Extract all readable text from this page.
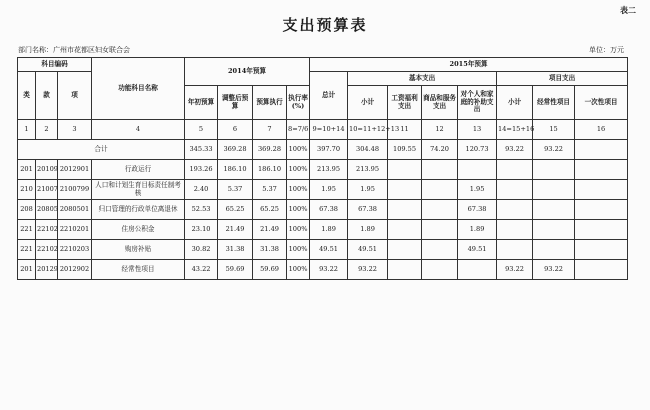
表二
支出预算表
部门名称：广州市花都区妇女联合会	单位：万元
科目编码			功能科目名称	2014年预算				2015年预算							
类	款	项						总计	基本支出				项目支出		
				年初预算	调整后预算	预算执行	执行率(%)		小计	工资福利支出	商品和服务支出	对个人和家庭的补助支出	小计	经常性项目	一次性项目
1	2	3	4	5	6	7	8=7/6	9=10+14	10=11+12+13	11	12	13	14=15+16	15	16
合计				345.33	369.28	369.28	100%	397.70	304.48	109.55	74.20	120.73	93.22	93.22	
201	20109	2012901	行政运行	193.26	186.10	186.10	100%	213.95	213.95						
210	21007	2100799	人口和计划生育目标责任制考核	2.40	5.37	5.37	100%	1.95	1.95			1.95			
208	20805	2080501	归口管理的行政单位离退休	52.53	65.25	65.25	100%	67.38	67.38			67.38			
221	22102	2210201	住房公积金	23.10	21.49	21.49	100%	1.89	1.89			1.89			
221	22102	2210203	购房补贴	30.82	31.38	31.38	100%	49.51	49.51			49.51			
201	20129	2012902	经常性项目	43.22	59.69	59.69	100%	93.22	93.22				93.22	93.22	
